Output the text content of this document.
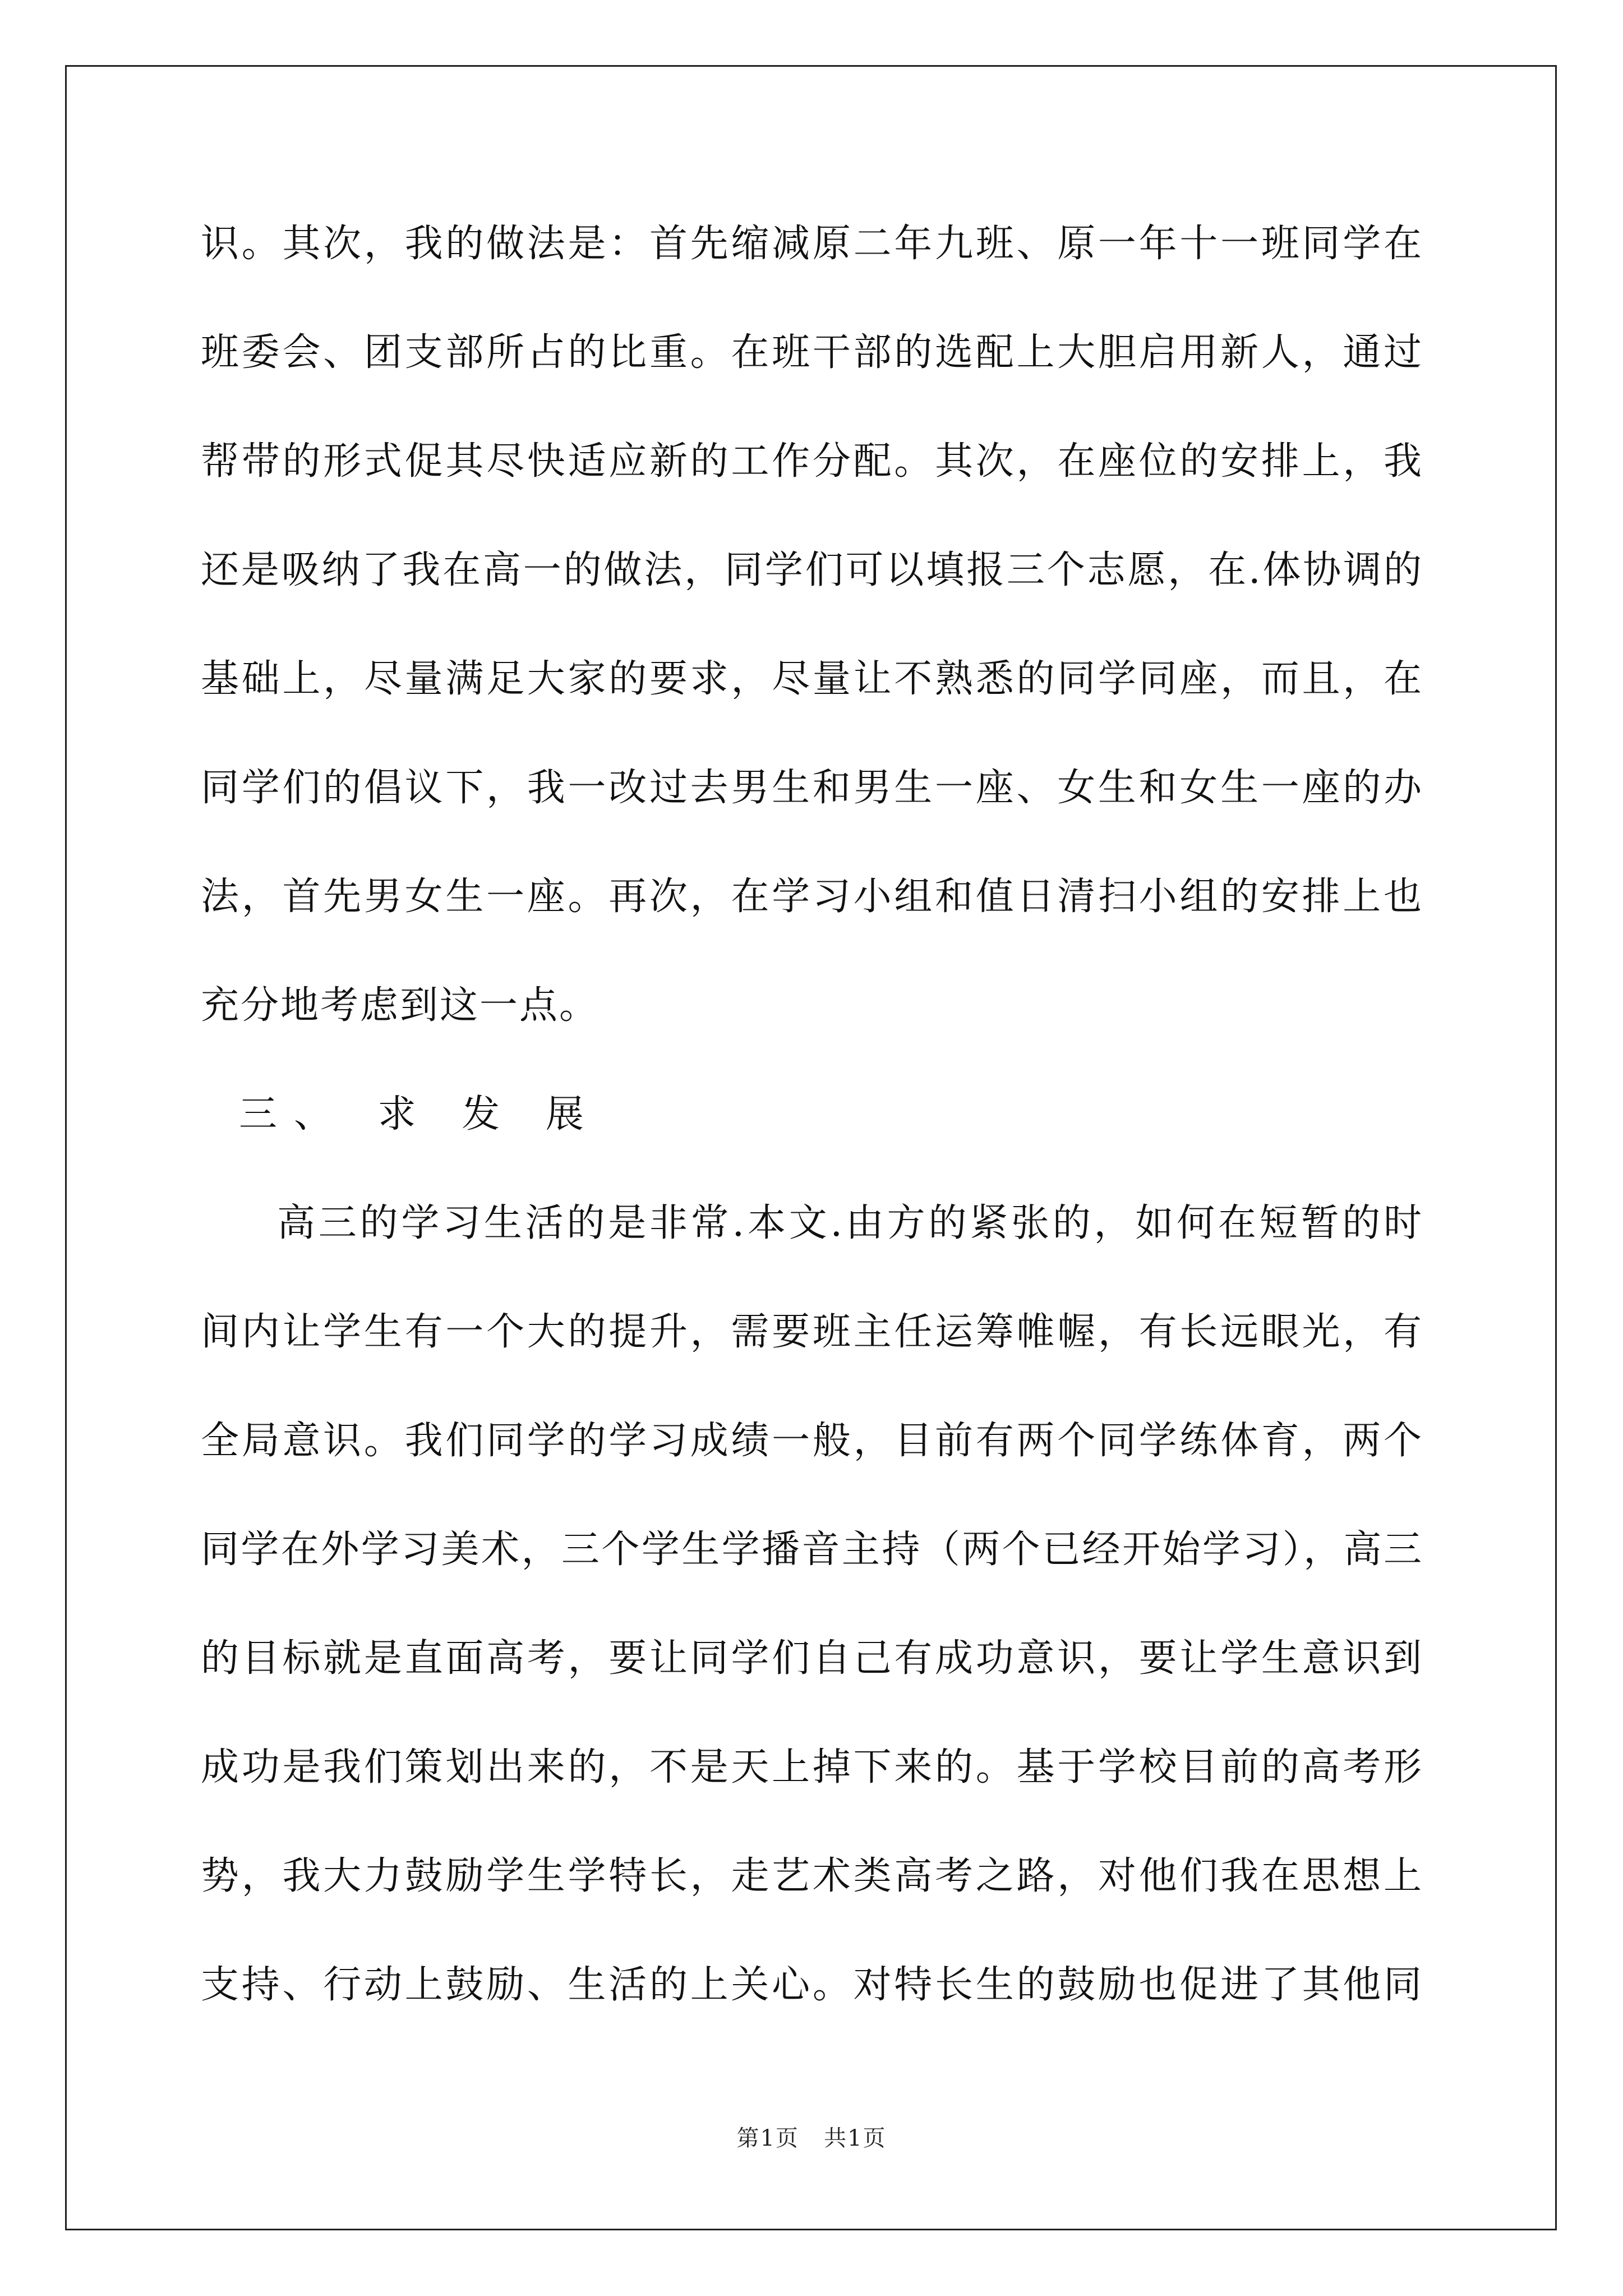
识。其次，我的做法是：首先缩减原二年九班、原一年十一班同学在
班委会、团支部所占的比重。在班干部的选配上大胆启用新人，通过
帮带的形式促其尽快适应新的工作分配。其次，在座位的安排上，我
还是吸纳了我在高一的做法，同学们可以填报三个志愿，在.体协调的
基础上，尽量满足大家的要求，尽量让不熟悉的同学同座，而且，在
同学们的倡议下，我一改过去男生和男生一座、女生和女生一座的办
法，首先男女生一座。再次，在学习小组和值日清扫小组的安排上也
充分地考虑到这一点。
三、 求 发 展
高三的学习生活的是非常.本文.由方的紧张的，如何在短暂的时
间内让学生有一个大的提升，需要班主任运筹帷幄，有长远眼光，有
全局意识。我们同学的学习成绩一般，目前有两个同学练体育，两个
同学在外学习美术，三个学生学播音主持（两个已经开始学习），高三
的目标就是直面高考，要让同学们自己有成功意识，要让学生意识到
成功是我们策划出来的，不是天上掉下来的。基于学校目前的高考形
势，我大力鼓励学生学特长，走艺术类高考之路，对他们我在思想上
支持、行动上鼓励、生活的上关心。对特长生的鼓励也促进了其他同
第1页 共1页
